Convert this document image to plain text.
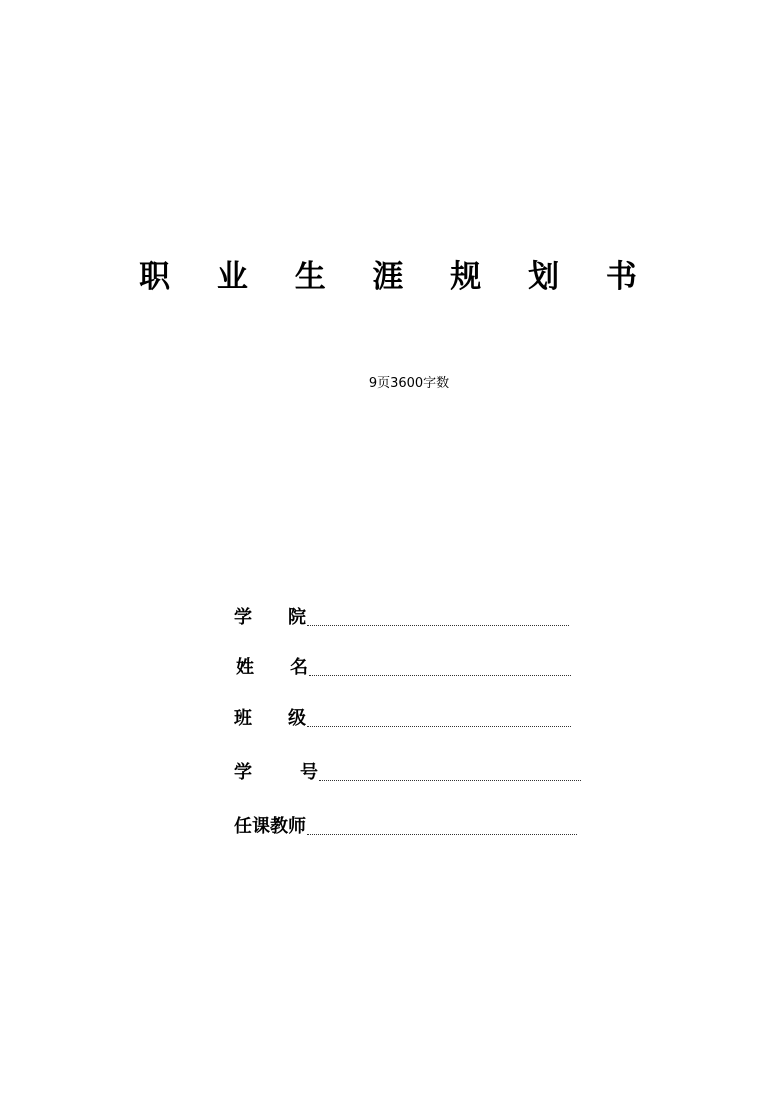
职 业 生 涯 规 划 书
9页3600字数
学 院
姓 名
班 级
学	号
任课教师
